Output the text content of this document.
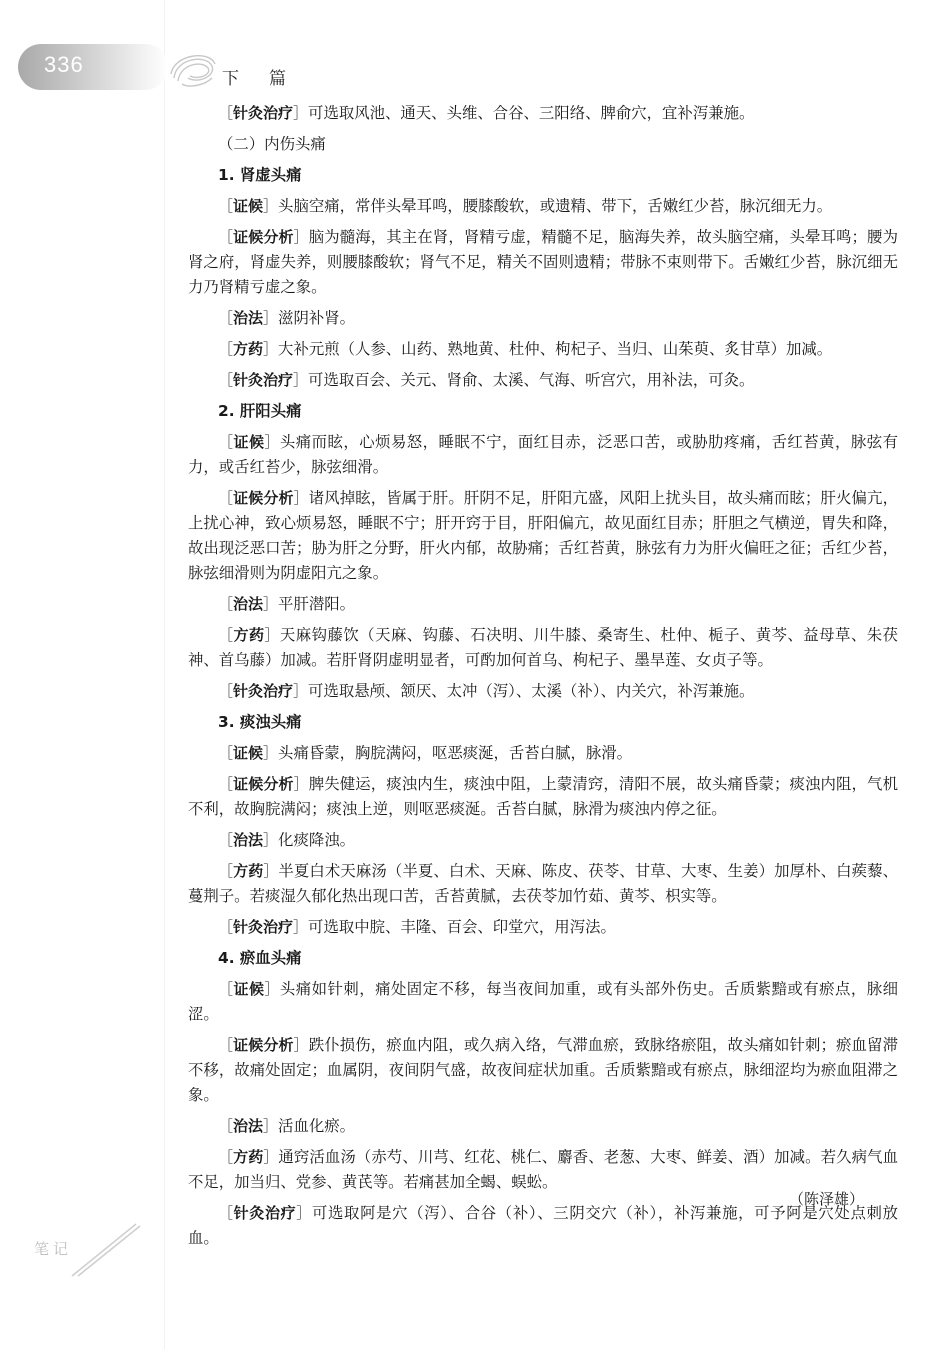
336
下篇

［针灸治疗］可选取风池、通天、头维、合谷、三阳络、脾俞穴，宜补泻兼施。

（二）内伤头痛

1. 肾虚头痛

［证候］头脑空痛，常伴头晕耳鸣，腰膝酸软，或遗精、带下，舌嫩红少苔，脉沉细无力。

［证候分析］脑为髓海，其主在肾，肾精亏虚，精髓不足，脑海失养，故头脑空痛，头晕耳鸣；腰为肾之府，肾虚失养，则腰膝酸软；肾气不足，精关不固则遗精；带脉不束则带下。舌嫩红少苔，脉沉细无力乃肾精亏虚之象。

［治法］滋阴补肾。

［方药］大补元煎（人参、山药、熟地黄、杜仲、枸杞子、当归、山茱萸、炙甘草）加减。

［针灸治疗］可选取百会、关元、肾俞、太溪、气海、听宫穴，用补法，可灸。

2. 肝阳头痛

［证候］头痛而眩，心烦易怒，睡眠不宁，面红目赤，泛恶口苦，或胁肋疼痛，舌红苔黄，脉弦有力，或舌红苔少，脉弦细滑。

［证候分析］诸风掉眩，皆属于肝。肝阴不足，肝阳亢盛，风阳上扰头目，故头痛而眩；肝火偏亢，上扰心神，致心烦易怒，睡眠不宁；肝开窍于目，肝阳偏亢，故见面红目赤；肝胆之气横逆，胃失和降，故出现泛恶口苦；胁为肝之分野，肝火内郁，故胁痛；舌红苔黄，脉弦有力为肝火偏旺之征；舌红少苔，脉弦细滑则为阴虚阳亢之象。

［治法］平肝潜阳。

［方药］天麻钩藤饮（天麻、钩藤、石决明、川牛膝、桑寄生、杜仲、栀子、黄芩、益母草、朱茯神、首乌藤）加减。若肝肾阴虚明显者，可酌加何首乌、枸杞子、墨旱莲、女贞子等。

［针灸治疗］可选取悬颅、颔厌、太冲（泻）、太溪（补）、内关穴，补泻兼施。

3. 痰浊头痛

［证候］头痛昏蒙，胸脘满闷，呕恶痰涎，舌苔白腻，脉滑。

［证候分析］脾失健运，痰浊内生，痰浊中阻，上蒙清窍，清阳不展，故头痛昏蒙；痰浊内阻，气机不利，故胸脘满闷；痰浊上逆，则呕恶痰涎。舌苔白腻，脉滑为痰浊内停之征。

［治法］化痰降浊。

［方药］半夏白术天麻汤（半夏、白术、天麻、陈皮、茯苓、甘草、大枣、生姜）加厚朴、白蒺藜、蔓荆子。若痰湿久郁化热出现口苦，舌苔黄腻，去茯苓加竹茹、黄芩、枳实等。

［针灸治疗］可选取中脘、丰隆、百会、印堂穴，用泻法。

4. 瘀血头痛

［证候］头痛如针刺，痛处固定不移，每当夜间加重，或有头部外伤史。舌质紫黯或有瘀点，脉细涩。

［证候分析］跌仆损伤，瘀血内阻，或久病入络，气滞血瘀，致脉络瘀阻，故头痛如针刺；瘀血留滞不移，故痛处固定；血属阴，夜间阴气盛，故夜间症状加重。舌质紫黯或有瘀点，脉细涩均为瘀血阻滞之象。

［治法］活血化瘀。

［方药］通窍活血汤（赤芍、川芎、红花、桃仁、麝香、老葱、大枣、鲜姜、酒）加减。若久病气血不足，加当归、党参、黄芪等。若痛甚加全蝎、蜈蚣。

［针灸治疗］可选取阿是穴（泻）、合谷（补）、三阴交穴（补），补泻兼施，可予阿是穴处点刺放血。

（陈泽雄）
笔记
